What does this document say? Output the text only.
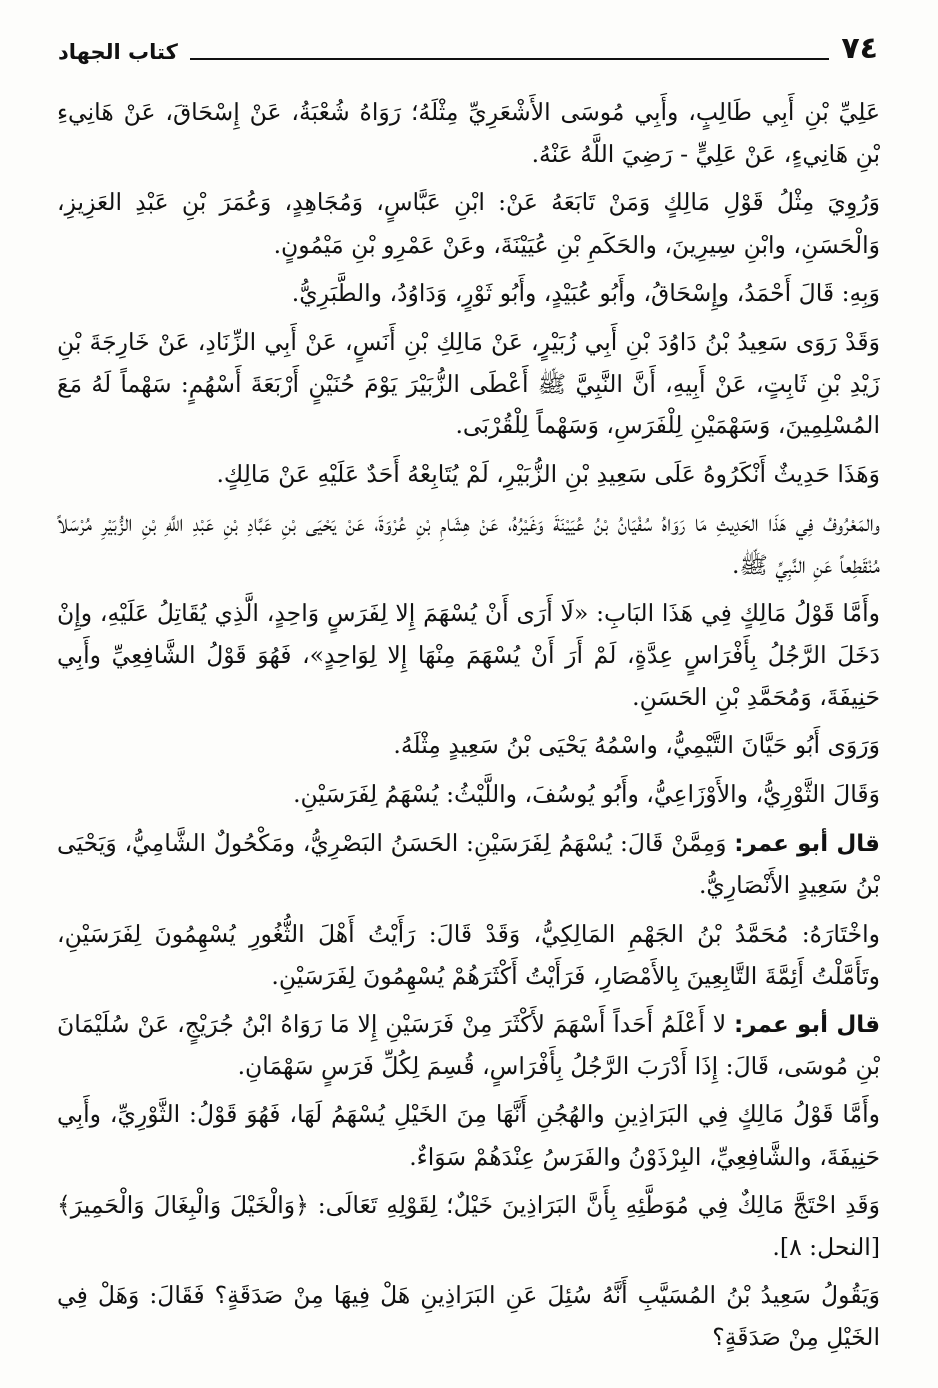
٧٤
كتاب الجهاد

عَلِيِّ بْنِ أَبِي طَالِبٍ، وأَبِي مُوسَى الأَشْعَرِيِّ مِثْلَهُ؛ رَوَاهُ شُعْبَةُ، عَنْ إِسْحَاقَ، عَنْ هَانِيءِ بْنِ هَانِيءٍ، عَنْ عَلِيٍّ - رَضِيَ اللَّهُ عَنْهُ.

وَرُوِيَ مِثْلُ قَوْلِ مَالِكٍ وَمَنْ تَابَعَهُ عَنْ: ابْنِ عَبَّاسٍ، وَمُجَاهِدٍ، وَعُمَرَ بْنِ عَبْدِ العَزِيزِ، وَالْحَسَنِ، وابْنِ سِيرِينَ، والحَكَمِ بْنِ عُيَيْنَةَ، وعَنْ عَمْرِو بْنِ مَيْمُونٍ.

وَبِهِ: قَالَ أَحْمَدُ، وإِسْحَاقُ، وأَبُو عُبَيْدٍ، وأَبُو ثَوْرٍ، وَدَاوُدُ، والطَّبَرِيُّ.

وَقَدْ رَوَى سَعِيدُ بْنُ دَاوُدَ بْنِ أَبِي زُبَيْرٍ، عَنْ مَالِكِ بْنِ أَنَسٍ، عَنْ أَبِي الزِّنَادِ، عَنْ خَارِجَةَ بْنِ زَيْدِ بْنِ ثَابِتٍ، عَنْ أَبِيهِ، أَنَّ النَّبِيَّ ﷺ أَعْطَى الزُّبَيْرَ يَوْمَ حُنَيْنٍ أَرْبَعَةَ أَسْهُمٍ: سَهْماً لَهُ مَعَ المُسْلِمِينَ، وَسَهْمَيْنِ لِلْفَرَسِ، وَسَهْماً لِلْقُرْبَى.

وَهَذَا حَدِيثٌ أَنْكَرُوهُ عَلَى سَعِيدِ بْنِ الزُّبَيْرِ، لَمْ يُتَابِعْهُ أَحَدٌ عَلَيْهِ عَنْ مَالِكٍ.

والمَعْرُوفُ فِي هَذَا الحَدِيثِ مَا رَوَاهُ سُفْيَانُ بْنُ عُيَيْنَةَ وَغَيْرُهُ، عَنْ هِشَامِ بْنِ عُرْوَةَ، عَنْ يَحْيَى بْنِ عَبَّادِ بْنِ عَبْدِ اللَّهِ بْنِ الزُّبَيْرِ مُرْسَلاً مُنْقَطِعاً عَنِ النَّبِيِّ ﷺ.

وأَمَّا قَوْلُ مَالِكٍ فِي هَذَا البَابِ: «لَا أَرَى أَنْ يُسْهَمَ إِلا لِفَرَسٍ وَاحِدٍ، الَّذِي يُقَاتِلُ عَلَيْهِ، وإِنْ دَخَلَ الرَّجُلُ بِأَفْرَاسٍ عِدَّةٍ، لَمْ أَرَ أَنْ يُسْهَمَ مِنْهَا إِلا لِوَاحِدٍ»، فَهُوَ قَوْلُ الشَّافِعِيِّ وأَبِي حَنِيفَةَ، وَمُحَمَّدِ بْنِ الحَسَنِ.

وَرَوَى أَبُو حَيَّانَ التَّيْمِيُّ، واسْمُهُ يَحْيَى بْنُ سَعِيدٍ مِثْلَهُ.

وَقَالَ الثَّوْرِيُّ، والأَوْزَاعِيُّ، وأَبُو يُوسُفَ، واللَّيْثُ: يُسْهَمُ لِفَرَسَيْنِ.

قال أبو عمر: وَمِمَّنْ قَالَ: يُسْهَمُ لِفَرَسَيْنِ: الحَسَنُ البَصْرِيُّ، ومَكْحُولٌ الشَّامِيُّ، وَيَحْيَى بْنُ سَعِيدٍ الأَنْصَارِيُّ.

واخْتَارَهُ: مُحَمَّدُ بْنُ الجَهْمِ المَالِكِيُّ، وَقَدْ قَالَ: رَأَيْتُ أَهْلَ الثُّغُورِ يُسْهِمُونَ لِفَرَسَيْنِ، وتَأَمَّلْتُ أَئِمَّةَ التَّابِعِينَ بِالأَمْصَارِ، فَرَأَيْتُ أَكْثَرَهُمْ يُسْهِمُونَ لِفَرَسَيْنِ.

قال أبو عمر: لا أَعْلَمُ أَحَداً أَسْهَمَ لأَكْثَرَ مِنْ فَرَسَيْنِ إِلا مَا رَوَاهُ ابْنُ جُرَيْجٍ، عَنْ سُلَيْمَانَ بْنِ مُوسَى، قَالَ: إِذَا أَدْرَبَ الرَّجُلُ بِأَفْرَاسٍ، قُسِمَ لِكُلِّ فَرَسٍ سَهْمَانِ.

وأَمَّا قَوْلُ مَالِكٍ فِي البَرَاذِينِ والهُجُنِ أَنَّهَا مِنَ الخَيْلِ يُسْهَمُ لَهَا، فَهُوَ قَوْلُ: الثَّوْرِيِّ، وأَبِي حَنِيفَةَ، والشَّافِعِيِّ، البِرْذَوْنُ والفَرَسُ عِنْدَهُمْ سَوَاءٌ.

وَقَدِ احْتَجَّ مَالِكٌ فِي مُوَطَّئِهِ بِأَنَّ البَرَاذِينَ خَيْلٌ؛ لِقَوْلِهِ تَعَالَى: ﴿وَالْخَيْلَ وَالْبِغَالَ وَالْحَمِيرَ﴾ [النحل: ٨].

وَيَقُولُ سَعِيدُ بْنُ المُسَيَّبِ أَنَّهُ سُئِلَ عَنِ البَرَاذِينِ هَلْ فِيهَا مِنْ صَدَقَةٍ؟ فَقَالَ: وَهَلْ فِي الخَيْلِ مِنْ صَدَقَةٍ؟
